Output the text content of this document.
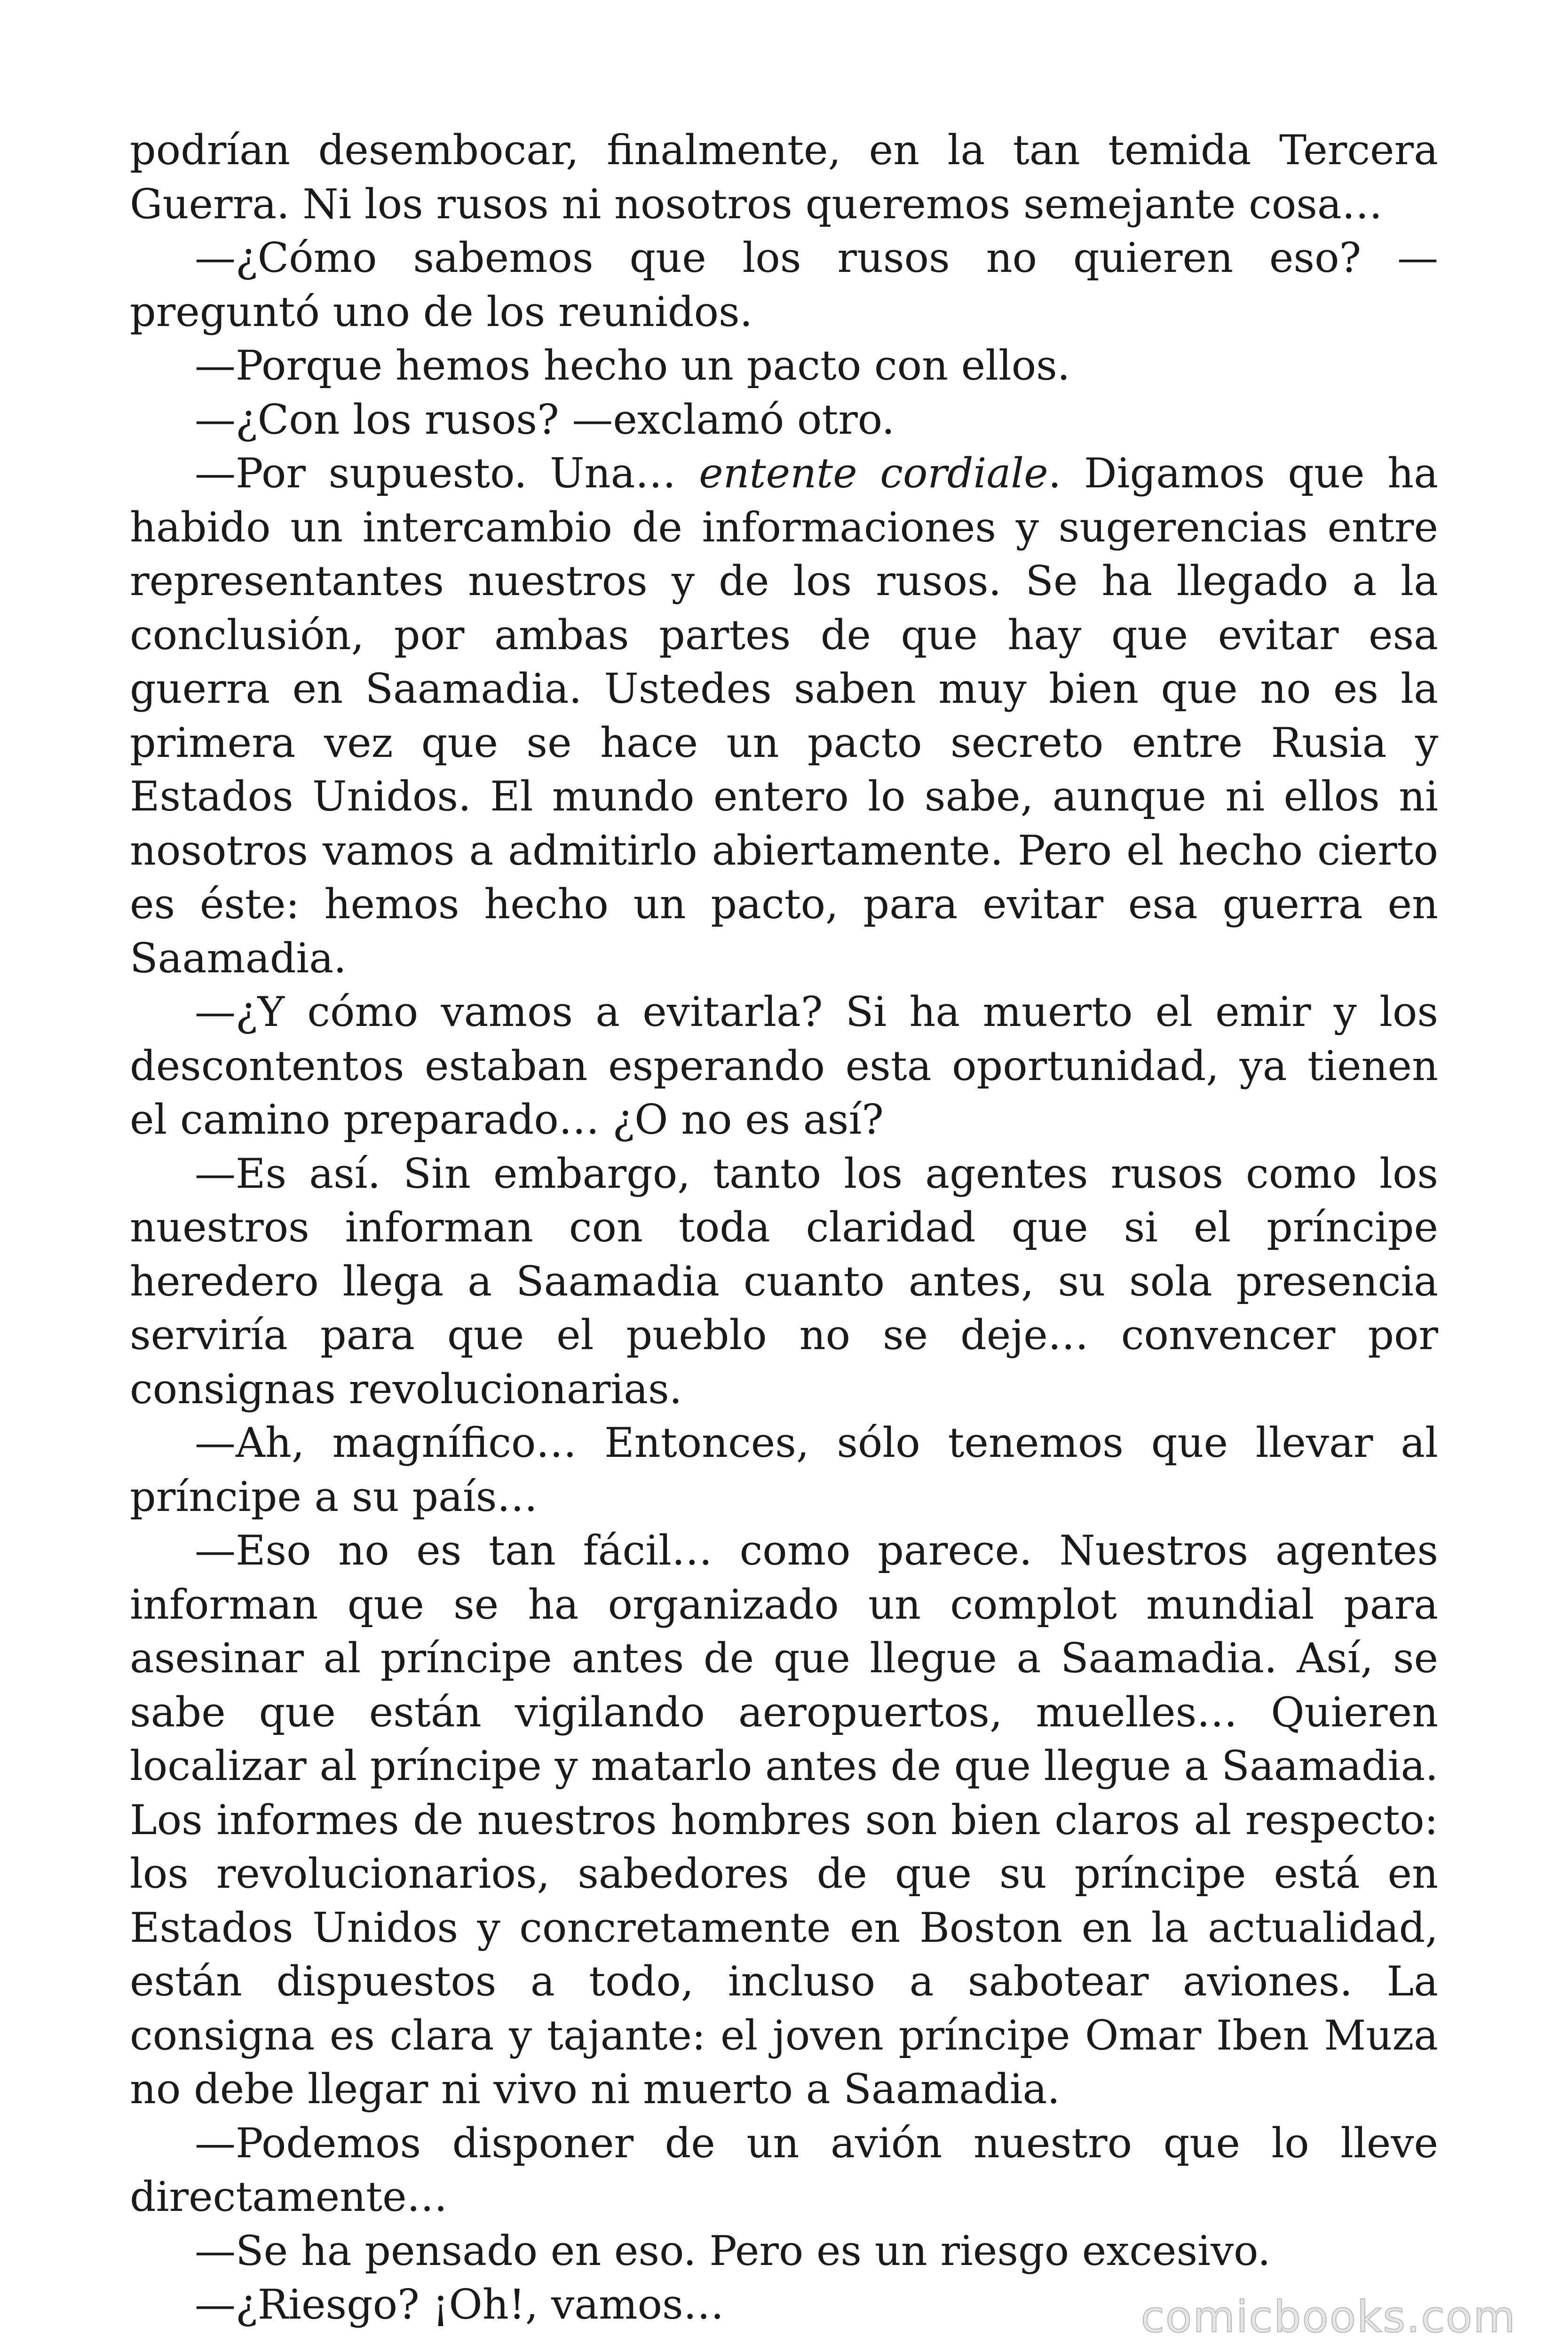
podrían desembocar, finalmente, en la tan temida Tercera Guerra. Ni los rusos ni nosotros queremos semejante cosa…

—¿Cómo sabemos que los rusos no quieren eso? —preguntó uno de los reunidos.

—Porque hemos hecho un pacto con ellos.

—¿Con los rusos? —exclamó otro.

—Por supuesto. Una… entente cordiale. Digamos que ha habido un intercambio de informaciones y sugerencias entre representantes nuestros y de los rusos. Se ha llegado a la conclusión, por ambas partes de que hay que evitar esa guerra en Saamadia. Ustedes saben muy bien que no es la primera vez que se hace un pacto secreto entre Rusia y Estados Unidos. El mundo entero lo sabe, aunque ni ellos ni nosotros vamos a admitirlo abiertamente. Pero el hecho cierto es éste: hemos hecho un pacto, para evitar esa guerra en Saamadia.

—¿Y cómo vamos a evitarla? Si ha muerto el emir y los descontentos estaban esperando esta oportunidad, ya tienen el camino preparado… ¿O no es así?

—Es así. Sin embargo, tanto los agentes rusos como los nuestros informan con toda claridad que si el príncipe heredero llega a Saamadia cuanto antes, su sola presencia serviría para que el pueblo no se deje… convencer por consignas revolucionarias.

—Ah, magnífico… Entonces, sólo tenemos que llevar al príncipe a su país…

—Eso no es tan fácil… como parece. Nuestros agentes informan que se ha organizado un complot mundial para asesinar al príncipe antes de que llegue a Saamadia. Así, se sabe que están vigilando aeropuertos, muelles… Quieren localizar al príncipe y matarlo antes de que llegue a Saamadia. Los informes de nuestros hombres son bien claros al respecto: los revolucionarios, sabedores de que su príncipe está en Estados Unidos y concretamente en Boston en la actualidad, están dispuestos a todo, incluso a sabotear aviones. La consigna es clara y tajante: el joven príncipe Omar Iben Muza no debe llegar ni vivo ni muerto a Saamadia.

—Podemos disponer de un avión nuestro que lo lleve directamente…

—Se ha pensado en eso. Pero es un riesgo excesivo.

—¿Riesgo? ¡Oh!, vamos…	comicbooks.com
